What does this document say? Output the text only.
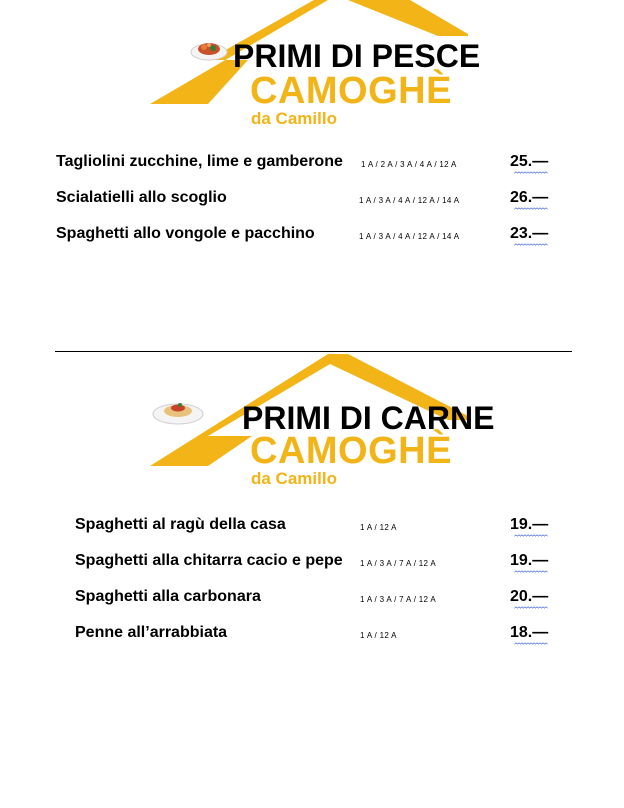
PRIMI DI PESCE
CAMOGHÈ
da Camillo
Tagliolini zucchine, lime e gamberone 1 A / 2 A / 3 A / 4 A / 12 A	25.—
Scialatielli allo scoglio	1 A / 3 A / 4 A / 12 A / 14 A	26.—
Spaghetti allo vongole e pacchino	1 A / 3 A / 4 A / 12 A / 14 A	23.—
PRIMI DI CARNE
CAMOGHÈ
da Camillo
Spaghetti al ragù della casa	1 A / 12 A	19.—
Spaghetti alla chitarra cacio e pepe 1 A / 3 A / 7 A / 12 A	19.—
Spaghetti alla carbonara	1 A / 3 A / 7 A / 12 A	20.—
Penne all’arrabbiata	1 A / 12 A	18.—
